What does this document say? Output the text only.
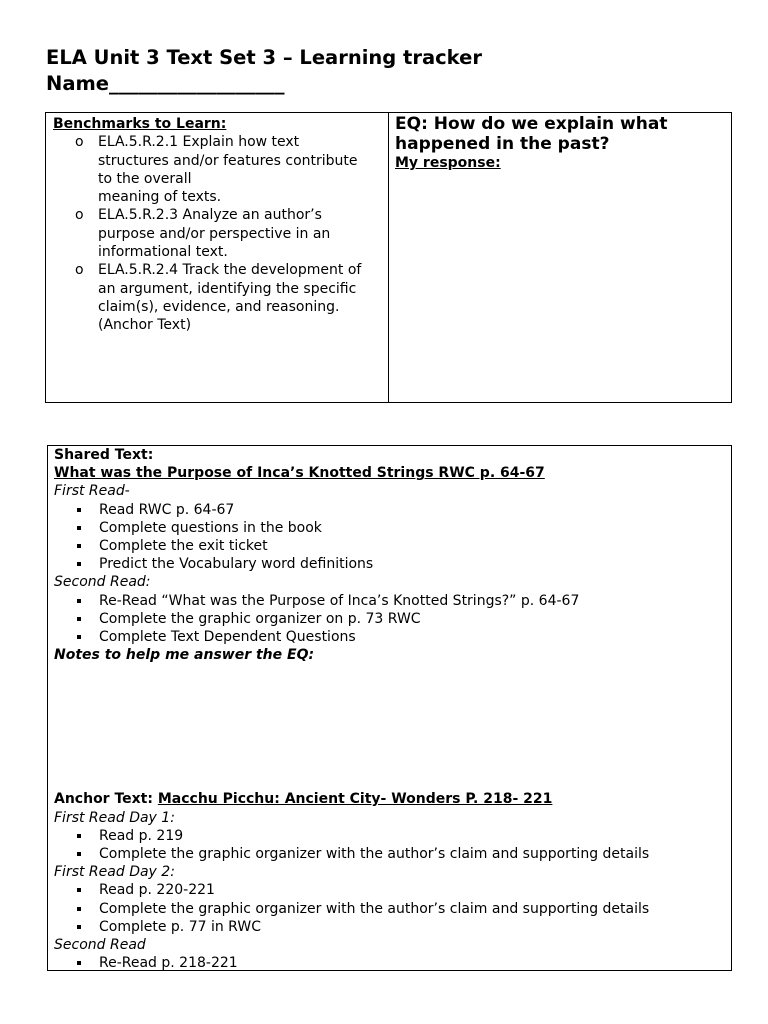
ELA Unit 3 Text Set 3 – Learning tracker
Name__________________
Benchmarks to Learn:
o ELA.5.R.2.1 Explain how text
structures and/or features contribute
to the overall
meaning of texts.
o ELA.5.R.2.3 Analyze an author’s
purpose and/or perspective in an
informational text.
o ELA.5.R.2.4 Track the development of
an argument, identifying the specific
claim(s), evidence, and reasoning.
(Anchor Text)
EQ: How do we explain what
happened in the past?
My response:
Shared Text:
What was the Purpose of Inca’s Knotted Strings RWC p. 64-67
First Read-
Read RWC p. 64-67
Complete questions in the book
Complete the exit ticket
Predict the Vocabulary word definitions
Second Read:
Re-Read “What was the Purpose of Inca’s Knotted Strings?” p. 64-67
Complete the graphic organizer on p. 73 RWC
Complete Text Dependent Questions
Notes to help me answer the EQ:
Anchor Text: Macchu Picchu: Ancient City- Wonders P. 218- 221
First Read Day 1:
Read p. 219
Complete the graphic organizer with the author’s claim and supporting details
First Read Day 2:
Read p. 220-221
Complete the graphic organizer with the author’s claim and supporting details
Complete p. 77 in RWC
Second Read
Re-Read p. 218-221
